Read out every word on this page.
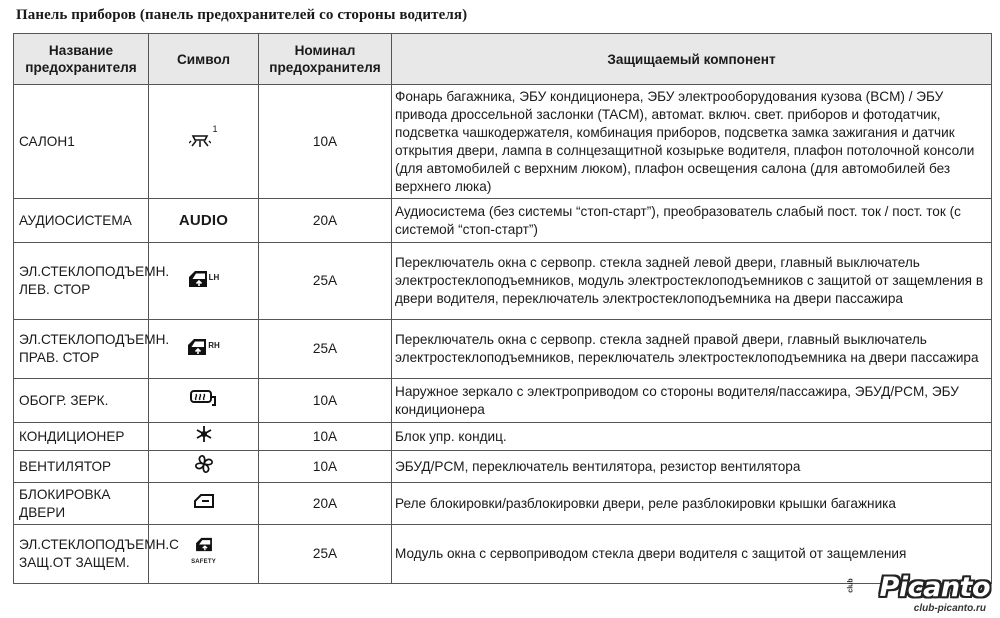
Панель приборов (панель предохранителей со стороны водителя)
Название предохранителя	Символ	Номинал предохранителя	Защищаемый компонент
САЛОН1	$^1$	10A	Фонарь багажника, ЭБУ кондиционера, ЭБУ электрооборудования кузова (BCM) / ЭБУ привода дроссельной заслонки (TACM), автомат. включ. свет. приборов и фотодатчик, подсветка чашкодержателя, комбинация приборов, подсветка замка зажигания и датчик открытия двери, лампа в солнцезащитной козырьке водителя, плафон потолочной консоли (для автомобилей с верхним люком), плафон освещения салона (для автомобилей без верхнего люка)
АУДИОСИСТЕМА	AUDIO	20A	Аудиосистема (без системы “стоп-старт”), преобразователь слабый пост. ток / пост. ток (с системой “стоп-старт”)
ЭЛ.СТЕКЛОПОДЪЕМН. ЛЕВ. СТОР	LH	25A	Переключатель окна с сервопр. стекла задней левой двери, главный выключатель электростеклоподъемников, модуль электростеклоподъемников с защитой от защемления в двери водителя, переключатель электростеклоподъемника на двери пассажира
ЭЛ.СТЕКЛОПОДЪЕМН. ПРАВ. СТОР	RH	25A	Переключатель окна с сервопр. стекла задней правой двери, главный выключатель электростеклоподъемников, переключатель электростеклоподъемника на двери пассажира
ОБОГР. ЗЕРК.		10A	Наружное зеркало с электроприводом со стороны водителя/пассажира, ЭБУД/PCM, ЭБУ кондиционера
КОНДИЦИОНЕР		10A	Блок упр. кондиц.
ВЕНТИЛЯТОР		10A	ЭБУД/PCM, переключатель вентилятора, резистор вентилятора
БЛОКИРОВКА ДВЕРИ		20A	Реле блокировки/разблокировки двери, реле разблокировки крышки багажника
ЭЛ.СТЕКЛОПОДЪЕМН.С ЗАЩ.ОТ ЗАЩЕМ.	SAFETY	25A	Модуль окна с сервоприводом стекла двери водителя с защитой от защемления
club Picanto
club-picanto.ru
